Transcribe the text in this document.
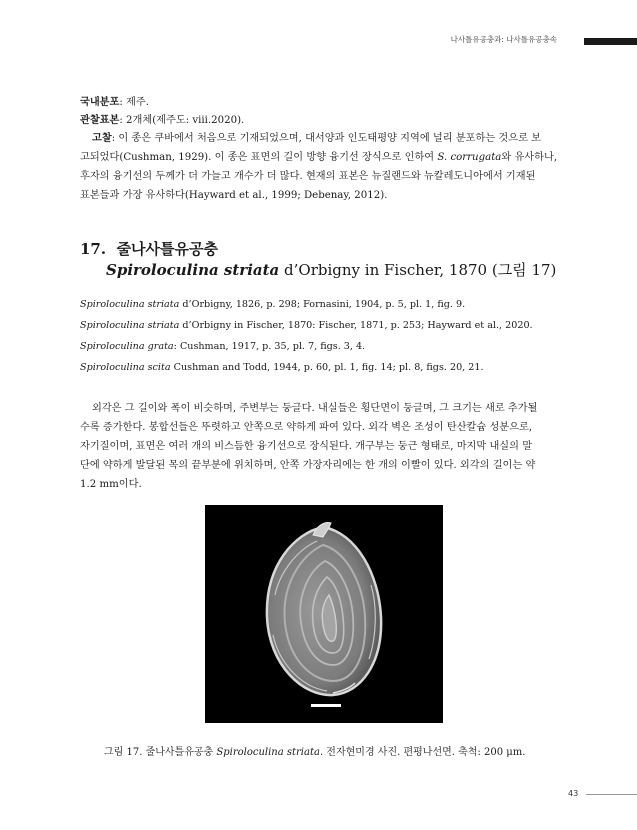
나사틀유공충과: 나사틀유공충속
국내분포: 제주.
관찰표본: 2개체(제주도: viii.2020).
고찰: 이 종은 쿠바에서 처음으로 기재되었으며, 대서양과 인도태평양 지역에 널리 분포하는 것으로 보
고되었다(Cushman, 1929). 이 종은 표면의 길이 방향 융기선 장식으로 인하여 S. corrugata와 유사하나,
후자의 융기선의 두께가 더 가늘고 개수가 더 많다. 현재의 표본은 뉴질랜드와 뉴칼레도니아에서 기재된
표본들과 가장 유사하다(Hayward et al., 1999; Debenay, 2012).
17. 줄나사틀유공충
Spiroloculina striata d’Orbigny in Fischer, 1870 (그림 17)
Spiroloculina striata d’Orbigny, 1826, p. 298; Fornasini, 1904, p. 5, pl. 1, fig. 9.
Spiroloculina striata d’Orbigny in Fischer, 1870: Fischer, 1871, p. 253; Hayward et al., 2020.
Spiroloculina grata: Cushman, 1917, p. 35, pl. 7, figs. 3, 4.
Spiroloculina scita Cushman and Todd, 1944, p. 60, pl. 1, fig. 14; pl. 8, figs. 20, 21.
외각은 그 길이와 폭이 비슷하며, 주변부는 둥글다. 내실들은 횡단면이 둥글며, 그 크기는 새로 추가될
수록 증가한다. 봉합선들은 뚜렷하고 안쪽으로 약하게 파여 있다. 외각 벽은 조성이 탄산칼슘 성분으로,
자기질이며, 표면은 여러 개의 비스듬한 융기선으로 장식된다. 개구부는 둥근 형태로, 마지막 내실의 말
단에 약하게 발달된 목의 끝부분에 위치하며, 안쪽 가장자리에는 한 개의 이빨이 있다. 외각의 길이는 약
1.2 mm이다.
그림 17. 줄나사틀유공충 Spiroloculina striata. 전자현미경 사진. 편평나선면. 축척: 200 μm.
43
